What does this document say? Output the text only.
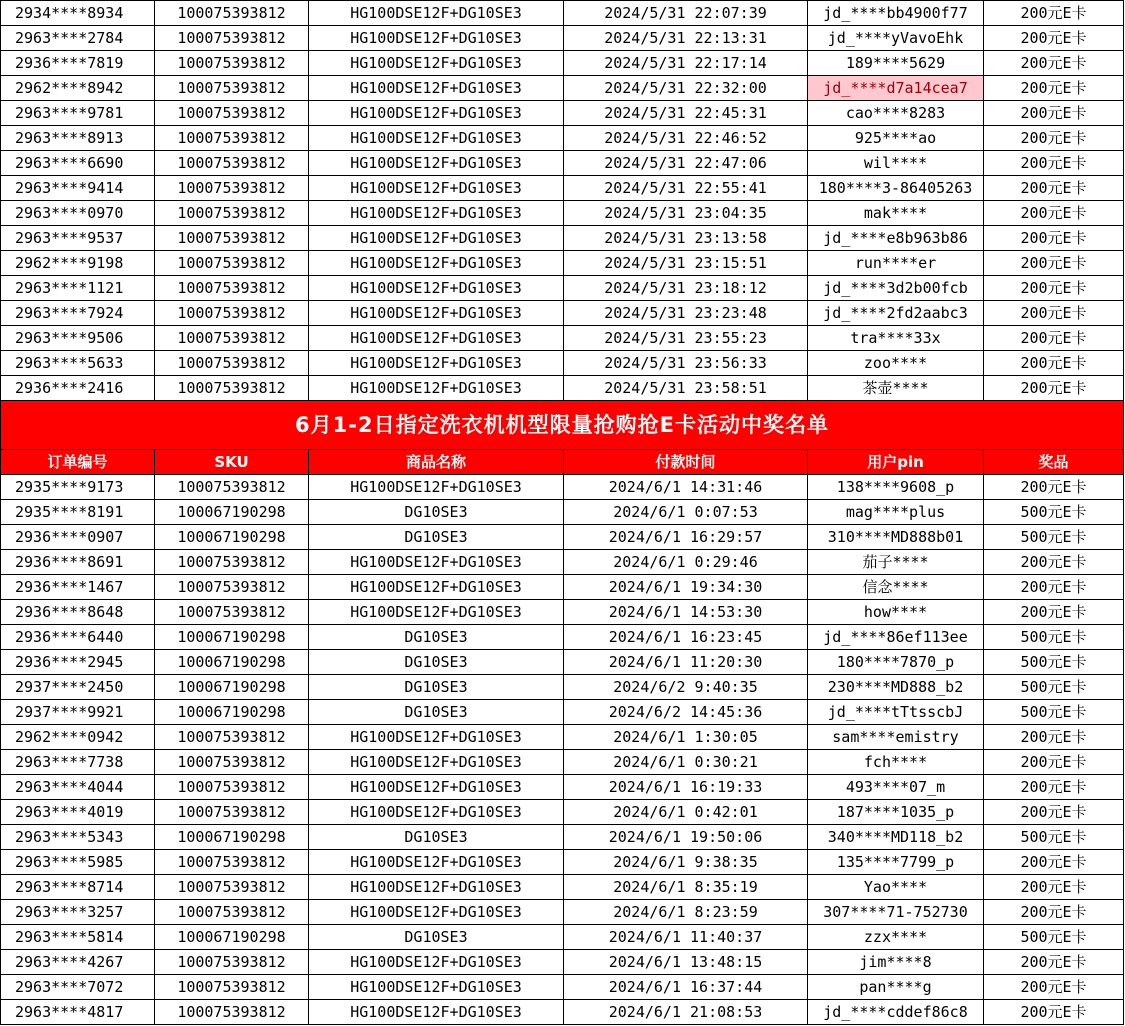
2934****8934	100075393812	HG100DSE12F+DG10SE3	2024/5/31 22:07:39	jd_****bb4900f77	200元E卡
2963****2784	100075393812	HG100DSE12F+DG10SE3	2024/5/31 22:13:31	jd_****yVavoEhk	200元E卡
2936****7819	100075393812	HG100DSE12F+DG10SE3	2024/5/31 22:17:14	189****5629	200元E卡
2962****8942	100075393812	HG100DSE12F+DG10SE3	2024/5/31 22:32:00	jd_****d7a14cea7	200元E卡
2963****9781	100075393812	HG100DSE12F+DG10SE3	2024/5/31 22:45:31	cao****8283	200元E卡
2963****8913	100075393812	HG100DSE12F+DG10SE3	2024/5/31 22:46:52	925****ao	200元E卡
2963****6690	100075393812	HG100DSE12F+DG10SE3	2024/5/31 22:47:06	wil****	200元E卡
2963****9414	100075393812	HG100DSE12F+DG10SE3	2024/5/31 22:55:41	180****3-86405263	200元E卡
2963****0970	100075393812	HG100DSE12F+DG10SE3	2024/5/31 23:04:35	mak****	200元E卡
2963****9537	100075393812	HG100DSE12F+DG10SE3	2024/5/31 23:13:58	jd_****e8b963b86	200元E卡
2962****9198	100075393812	HG100DSE12F+DG10SE3	2024/5/31 23:15:51	run****er	200元E卡
2963****1121	100075393812	HG100DSE12F+DG10SE3	2024/5/31 23:18:12	jd_****3d2b00fcb	200元E卡
2963****7924	100075393812	HG100DSE12F+DG10SE3	2024/5/31 23:23:48	jd_****2fd2aabc3	200元E卡
2963****9506	100075393812	HG100DSE12F+DG10SE3	2024/5/31 23:55:23	tra****33x	200元E卡
2963****5633	100075393812	HG100DSE12F+DG10SE3	2024/5/31 23:56:33	zoo****	200元E卡
2936****2416	100075393812	HG100DSE12F+DG10SE3	2024/5/31 23:58:51	茶壶****	200元E卡
6月1-2日指定洗衣机机型限量抢购抢E卡活动中奖名单					
订单编号	SKU	商品名称	付款时间	用户pin	奖品
2935****9173	100075393812	HG100DSE12F+DG10SE3	2024/6/1 14:31:46	138****9608_p	200元E卡
2935****8191	100067190298	DG10SE3	2024/6/1 0:07:53	mag****plus	500元E卡
2936****0907	100067190298	DG10SE3	2024/6/1 16:29:57	310****MD888b01	500元E卡
2936****8691	100075393812	HG100DSE12F+DG10SE3	2024/6/1 0:29:46	茄子****	200元E卡
2936****1467	100075393812	HG100DSE12F+DG10SE3	2024/6/1 19:34:30	信念****	200元E卡
2936****8648	100075393812	HG100DSE12F+DG10SE3	2024/6/1 14:53:30	how****	200元E卡
2936****6440	100067190298	DG10SE3	2024/6/1 16:23:45	jd_****86ef113ee	500元E卡
2936****2945	100067190298	DG10SE3	2024/6/1 11:20:30	180****7870_p	500元E卡
2937****2450	100067190298	DG10SE3	2024/6/2 9:40:35	230****MD888_b2	500元E卡
2937****9921	100067190298	DG10SE3	2024/6/2 14:45:36	jd_****tTtsscbJ	500元E卡
2962****0942	100075393812	HG100DSE12F+DG10SE3	2024/6/1 1:30:05	sam****emistry	200元E卡
2963****7738	100075393812	HG100DSE12F+DG10SE3	2024/6/1 0:30:21	fch****	200元E卡
2963****4044	100075393812	HG100DSE12F+DG10SE3	2024/6/1 16:19:33	493****07_m	200元E卡
2963****4019	100075393812	HG100DSE12F+DG10SE3	2024/6/1 0:42:01	187****1035_p	200元E卡
2963****5343	100067190298	DG10SE3	2024/6/1 19:50:06	340****MD118_b2	500元E卡
2963****5985	100075393812	HG100DSE12F+DG10SE3	2024/6/1 9:38:35	135****7799_p	200元E卡
2963****8714	100075393812	HG100DSE12F+DG10SE3	2024/6/1 8:35:19	Yao****	200元E卡
2963****3257	100075393812	HG100DSE12F+DG10SE3	2024/6/1 8:23:59	307****71-752730	200元E卡
2963****5814	100067190298	DG10SE3	2024/6/1 11:40:37	zzx****	500元E卡
2963****4267	100075393812	HG100DSE12F+DG10SE3	2024/6/1 13:48:15	jim****8	200元E卡
2963****7072	100075393812	HG100DSE12F+DG10SE3	2024/6/1 16:37:44	pan****g	200元E卡
2963****4817	100075393812	HG100DSE12F+DG10SE3	2024/6/1 21:08:53	jd_****cddef86c8	200元E卡
